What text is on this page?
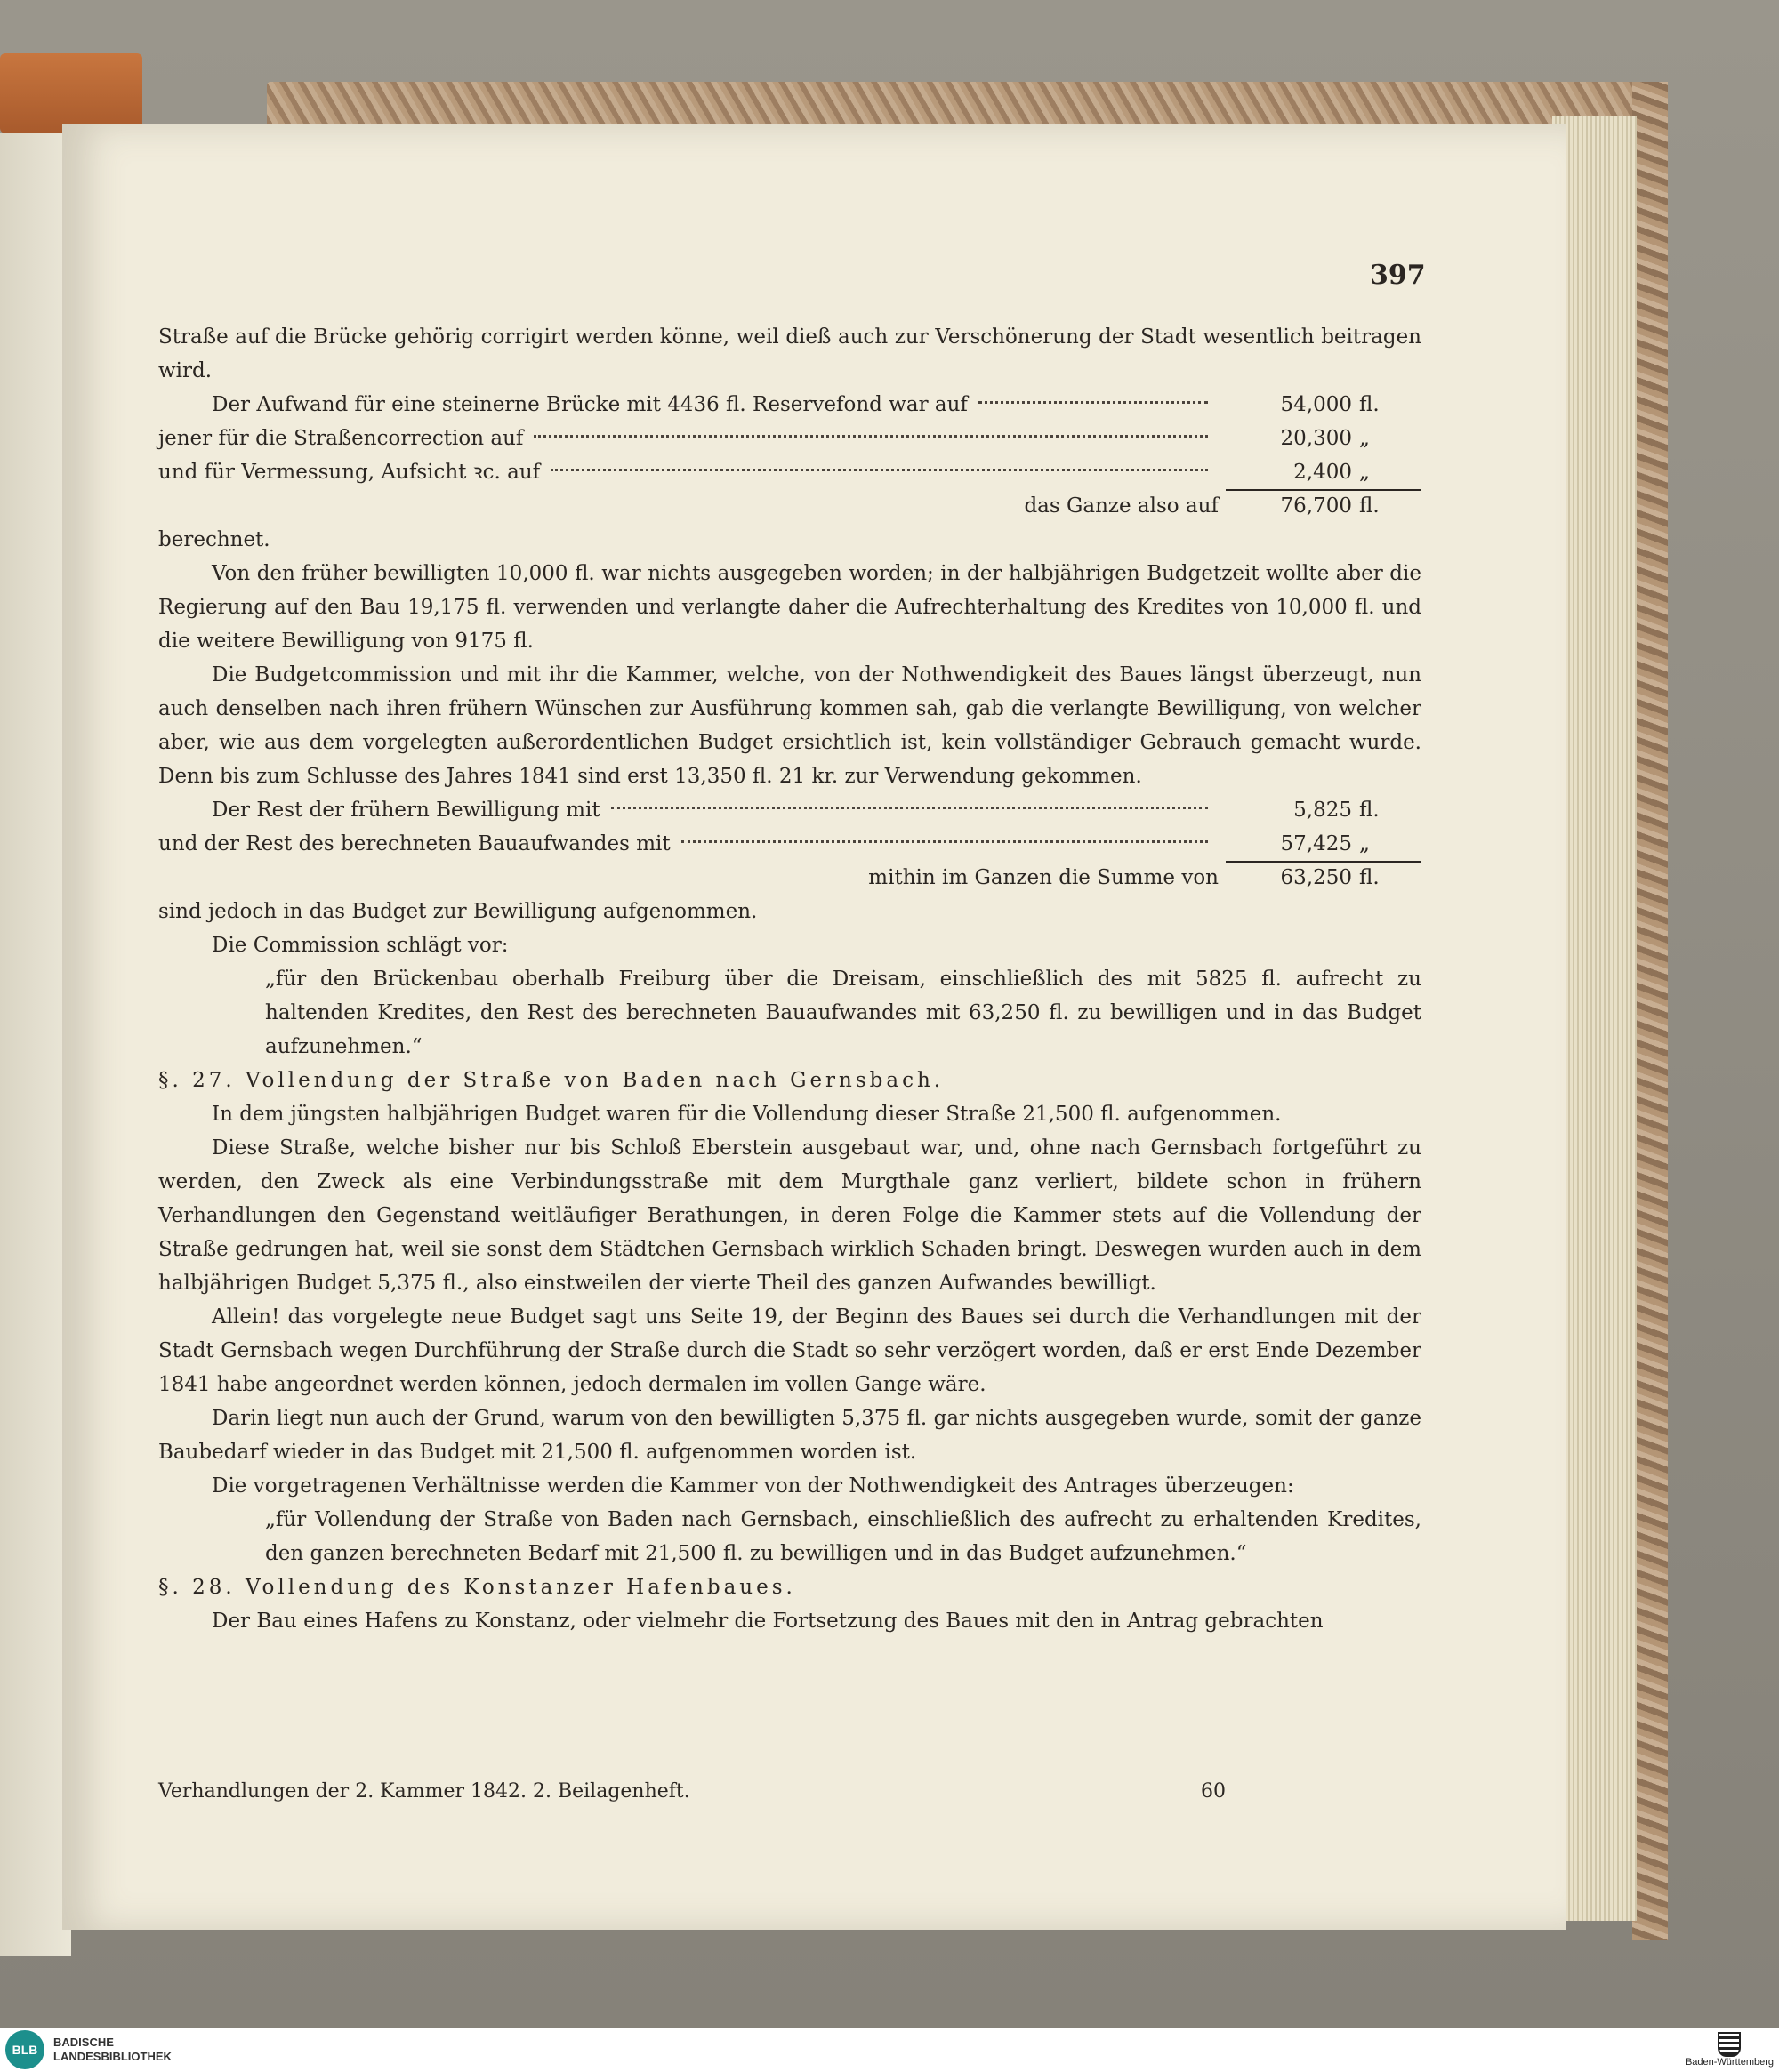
397

Straße auf die Brücke gehörig corrigirt werden könne, weil dieß auch zur Verschönerung der Stadt wesentlich beitragen wird.

Der Aufwand für eine steinerne Brücke mit 4436 fl. Reservefond war auf	54,000 fl.
jener für die Straßencorrection auf	20,300 „
und für Vermessung, Aufsicht ꝛc. auf	2,400 „
das Ganze also auf	76,700 fl.

berechnet.

Von den früher bewilligten 10,000 fl. war nichts ausgegeben worden; in der halbjährigen Budgetzeit wollte aber die Regierung auf den Bau 19,175 fl. verwenden und verlangte daher die Aufrechterhaltung des Kredites von 10,000 fl. und die weitere Bewilligung von 9175 fl.

Die Budgetcommission und mit ihr die Kammer, welche, von der Nothwendigkeit des Baues längst überzeugt, nun auch denselben nach ihren frühern Wünschen zur Ausführung kommen sah, gab die verlangte Bewilligung, von welcher aber, wie aus dem vorgelegten außerordentlichen Budget ersichtlich ist, kein vollständiger Gebrauch gemacht wurde. Denn bis zum Schlusse des Jahres 1841 sind erst 13,350 fl. 21 kr. zur Verwendung gekommen.

Der Rest der frühern Bewilligung mit	5,825 fl.
und der Rest des berechneten Bauaufwandes mit	57,425 „
mithin im Ganzen die Summe von	63,250 fl.

sind jedoch in das Budget zur Bewilligung aufgenommen.

Die Commission schlägt vor:

„für den Brückenbau oberhalb Freiburg über die Dreisam, einschließlich des mit 5825 fl. aufrecht zu haltenden Kredites, den Rest des berechneten Bauaufwandes mit 63,250 fl. zu bewilligen und in das Budget aufzunehmen.“

§. 27. Vollendung der Straße von Baden nach Gernsbach.

In dem jüngsten halbjährigen Budget waren für die Vollendung dieser Straße 21,500 fl. aufgenommen.

Diese Straße, welche bisher nur bis Schloß Eberstein ausgebaut war, und, ohne nach Gernsbach fortgeführt zu werden, den Zweck als eine Verbindungsstraße mit dem Murgthale ganz verliert, bildete schon in frühern Verhandlungen den Gegenstand weitläufiger Berathungen, in deren Folge die Kammer stets auf die Vollendung der Straße gedrungen hat, weil sie sonst dem Städtchen Gernsbach wirklich Schaden bringt. Deswegen wurden auch in dem halbjährigen Budget 5,375 fl., also einstweilen der vierte Theil des ganzen Aufwandes bewilligt.

Allein! das vorgelegte neue Budget sagt uns Seite 19, der Beginn des Baues sei durch die Verhandlungen mit der Stadt Gernsbach wegen Durchführung der Straße durch die Stadt so sehr verzögert worden, daß er erst Ende Dezember 1841 habe angeordnet werden können, jedoch dermalen im vollen Gange wäre.

Darin liegt nun auch der Grund, warum von den bewilligten 5,375 fl. gar nichts ausgegeben wurde, somit der ganze Baubedarf wieder in das Budget mit 21,500 fl. aufgenommen worden ist.

Die vorgetragenen Verhältnisse werden die Kammer von der Nothwendigkeit des Antrages überzeugen:

„für Vollendung der Straße von Baden nach Gernsbach, einschließlich des aufrecht zu erhaltenden Kredites, den ganzen berechneten Bedarf mit 21,500 fl. zu bewilligen und in das Budget aufzunehmen.“

§. 28. Vollendung des Konstanzer Hafenbaues.

Der Bau eines Hafens zu Konstanz, oder vielmehr die Fortsetzung des Baues mit den in Antrag gebrachten

Verhandlungen der 2. Kammer 1842. 2. Beilagenheft.	60
BLB
BADISCHE
LANDESBIBLIOTHEK	Baden-Württemberg
